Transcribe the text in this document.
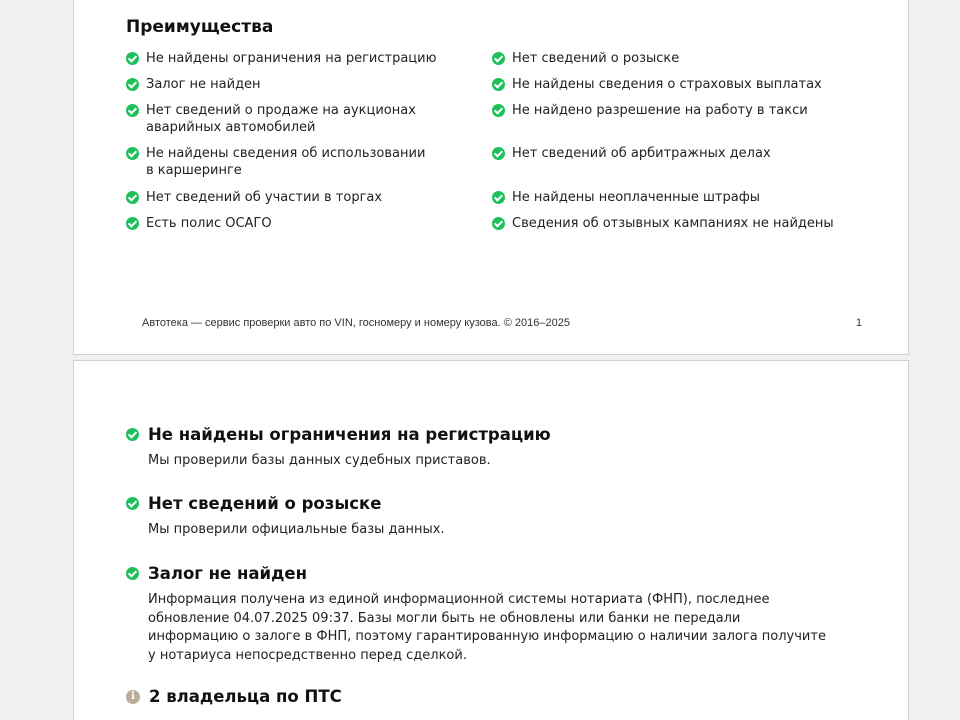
Преимущества
Не найдены ограничения на регистрацию
Залог не найден
Нет сведений о продаже на аукционах аварийных автомобилей
Не найдены сведения об использовании
в каршеринге
Нет сведений об участии в торгах
Есть полис ОСАГО
Нет сведений о розыске
Не найдены сведения о страховых выплатах
Не найдено разрешение на работу в такси
Нет сведений об арбитражных делах
Не найдены неоплаченные штрафы
Сведения об отзывных кампаниях не найдены
Автотека — сервис проверки авто по VIN, госномеру и номеру кузова. © 2016–2025	1
Не найдены ограничения на регистрацию
Мы проверили базы данных судебных приставов.
Нет сведений о розыске
Мы проверили официальные базы данных.
Залог не найден
Информация получена из единой информационной системы нотариата (ФНП), последнее обновление 04.07.2025 09:37. Базы могли быть не обновлены или банки не передали информацию о залоге в ФНП, поэтому гарантированную информацию о наличии залога получите у нотариуса непосредственно перед сделкой.
i 2 владельца по ПТС
